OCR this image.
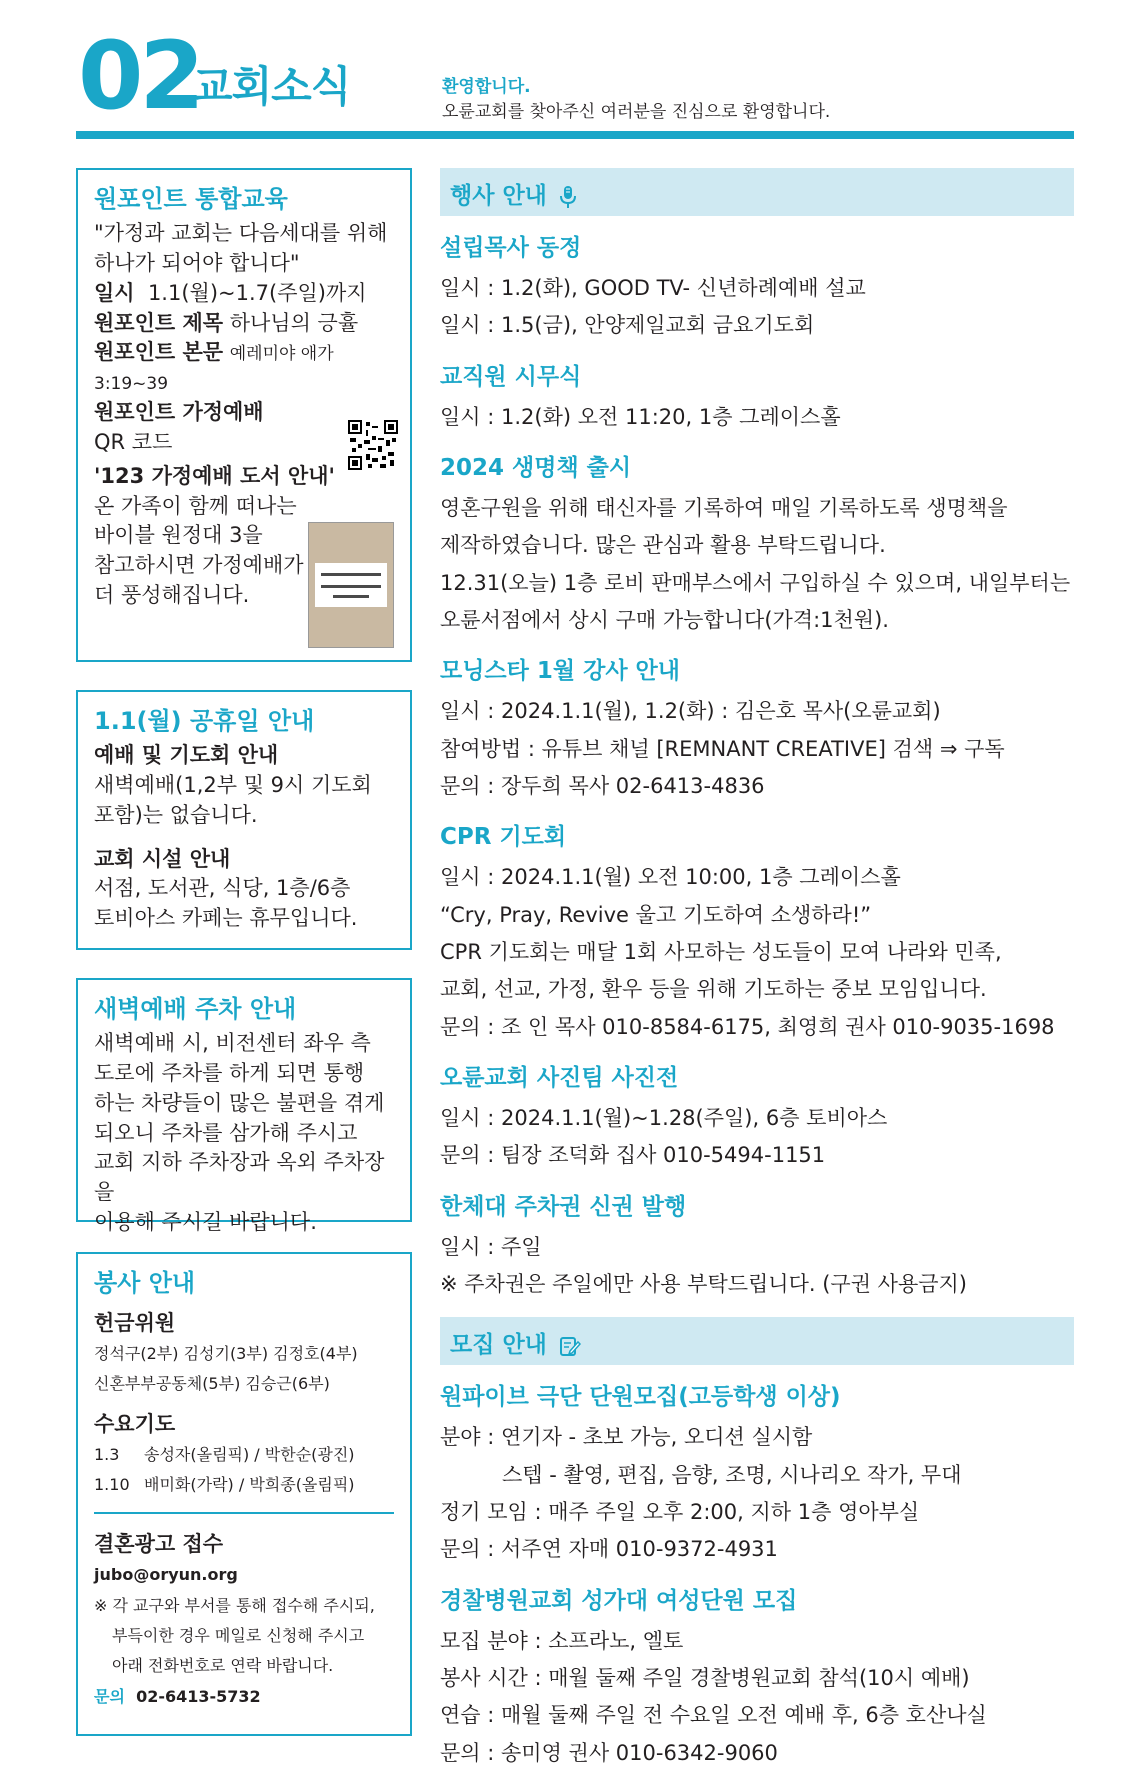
02
교회소식	환영합니다.
오륜교회를 찾아주신 여러분을 진심으로 환영합니다.
원포인트 통합교육

"가정과 교회는 다음세대를 위해

하나가 되어야 합니다"

일시 1.1(월)~1.7(주일)까지

원포인트 제목 하나님의 긍휼

원포인트 본문 예레미야 애가 3:19~39

원포인트 가정예배

QR 코드

'123 가정예배 도서 안내'

온 가족이 함께 떠나는

바이블 원정대 3을

참고하시면 가정예배가

더 풍성해집니다.

1.1(월) 공휴일 안내

예배 및 기도회 안내

새벽예배(1,2부 및 9시 기도회

포함)는 없습니다.

교회 시설 안내

서점, 도서관, 식당, 1층/6층

토비아스 카페는 휴무입니다.

새벽예배 주차 안내

새벽예배 시, 비전센터 좌우 측

도로에 주차를 하게 되면 통행

하는 차량들이 많은 불편을 겪게

되오니 주차를 삼가해 주시고

교회 지하 주차장과 옥외 주차장을

이용해 주시길 바랍니다.

봉사 안내

헌금위원

정석구(2부) 김성기(3부) 김정호(4부)
신혼부부공동체(5부) 김승근(6부)

수요기도

1.3 송성자(올림픽) / 박한순(광진)
1.10 배미화(가락) / 박희종(올림픽)

결혼광고 접수

jubo@oryun.org
※ 각 교구와 부서를 통해 접수해 주시되,
부득이한 경우 메일로 신청해 주시고
아래 전화번호로 연락 바랍니다.
문의 02-6413-5732
행사 안내
설립목사 동정

일시 : 1.2(화), GOOD TV- 신년하례예배 설교

일시 : 1.5(금), 안양제일교회 금요기도회

교직원 시무식

일시 : 1.2(화) 오전 11:20, 1층 그레이스홀

2024 생명책 출시

영혼구원을 위해 태신자를 기록하여 매일 기록하도록 생명책을

제작하였습니다. 많은 관심과 활용 부탁드립니다.

12.31(오늘) 1층 로비 판매부스에서 구입하실 수 있으며, 내일부터는

오륜서점에서 상시 구매 가능합니다(가격:1천원).

모닝스타 1월 강사 안내

일시 : 2024.1.1(월), 1.2(화) : 김은호 목사(오륜교회)

참여방법 : 유튜브 채널 [REMNANT CREATIVE] 검색 ⇒ 구독

문의 : 장두희 목사 02-6413-4836

CPR 기도회

일시 : 2024.1.1(월) 오전 10:00, 1층 그레이스홀

“Cry, Pray, Revive 울고 기도하여 소생하라!”

CPR 기도회는 매달 1회 사모하는 성도들이 모여 나라와 민족,

교회, 선교, 가정, 환우 등을 위해 기도하는 중보 모임입니다.

문의 : 조 인 목사 010-8584-6175, 최영희 권사 010-9035-1698

오륜교회 사진팀 사진전

일시 : 2024.1.1(월)~1.28(주일), 6층 토비아스

문의 : 팀장 조덕화 집사 010-5494-1151

한체대 주차권 신권 발행

일시 : 주일

※ 주차권은 주일에만 사용 부탁드립니다. (구권 사용금지)

모집 안내
원파이브 극단 단원모집(고등학생 이상)

분야 : 연기자 - 초보 가능, 오디션 실시함

스텝 - 촬영, 편집, 음향, 조명, 시나리오 작가, 무대

정기 모임 : 매주 주일 오후 2:00, 지하 1층 영아부실

문의 : 서주연 자매 010-9372-4931

경찰병원교회 성가대 여성단원 모집

모집 분야 : 소프라노, 엘토

봉사 시간 : 매월 둘째 주일 경찰병원교회 참석(10시 예배)

연습 : 매월 둘째 주일 전 수요일 오전 예배 후, 6층 호산나실

문의 : 송미영 권사 010-6342-9060
